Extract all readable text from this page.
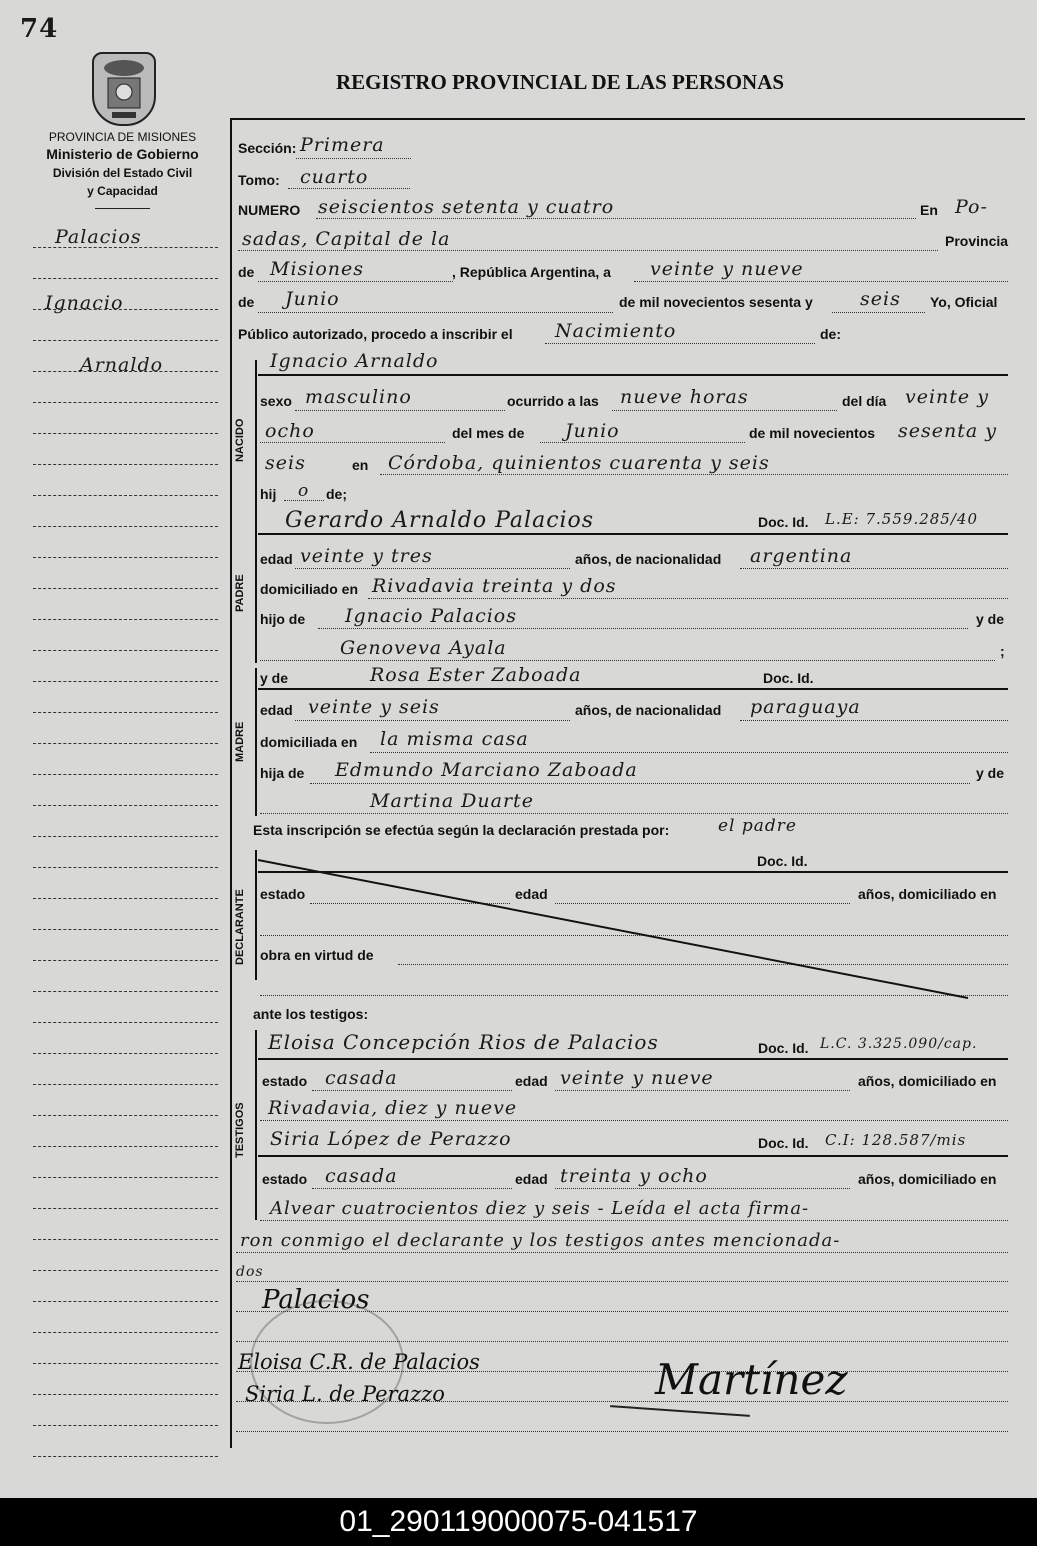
74
REGISTRO PROVINCIAL DE LAS PERSONAS
PROVINCIA DE MISIONES
Ministerio de Gobierno
División del Estado Civil
y Capacidad
Palacios
Ignacio
Arnaldo
Sección: Primera
Tomo: cuarto
NUMERO seiscientos setenta y cuatro	En Po-
sadas, Capital de la	Provincia
de Misiones	, República Argentina, a veinte y nueve
de Junio	de mil novecientos sesenta y seis Yo, Oficial
Público autorizado, procedo a inscribir el Nacimiento	de:
NACIDO
Ignacio Arnaldo
sexo masculino	ocurrido a las nueve horas	del día veinte y
ocho	del mes de Junio	de mil novecientos sesenta y
seis	en Córdoba, quinientos cuarenta y seis
hij o de;
PADRE
Gerardo Arnaldo Palacios	Doc. Id. L.E: 7.559.285/40
edad veinte y tres	años, de nacionalidad argentina
domiciliado en Rivadavia treinta y dos
hijo de Ignacio Palacios	y de
Genoveva Ayala	;
MADRE
y de	Rosa Ester Zaboada	Doc. Id.
edad veinte y seis	años, de nacionalidad paraguaya
domiciliada en la misma casa
hija de Edmundo Marciano Zaboada	y de
Martina Duarte
Esta inscripción se efectúa según la declaración prestada por:	el padre
DECLARANTE
Doc. Id.
estado	edad	años, domiciliado en
obra en virtud de
ante los testigos:
TESTIGOS
Eloisa Concepción Rios de Palacios	Doc. Id. L.C. 3.325.090/cap.
estado casada	edad veinte y nueve	años, domiciliado en
Rivadavia, diez y nueve
Siria López de Perazzo	Doc. Id. C.I: 128.587/mis
estado casada	edad treinta y ocho	años, domiciliado en
Alvear cuatrocientos diez y seis - Leída el acta firma-
ron conmigo el declarante y los testigos antes mencionada-
dos
Palacios
Eloisa C.R. de Palacios
Siria L. de Perazzo	Martínez
01_290119000075-041517
